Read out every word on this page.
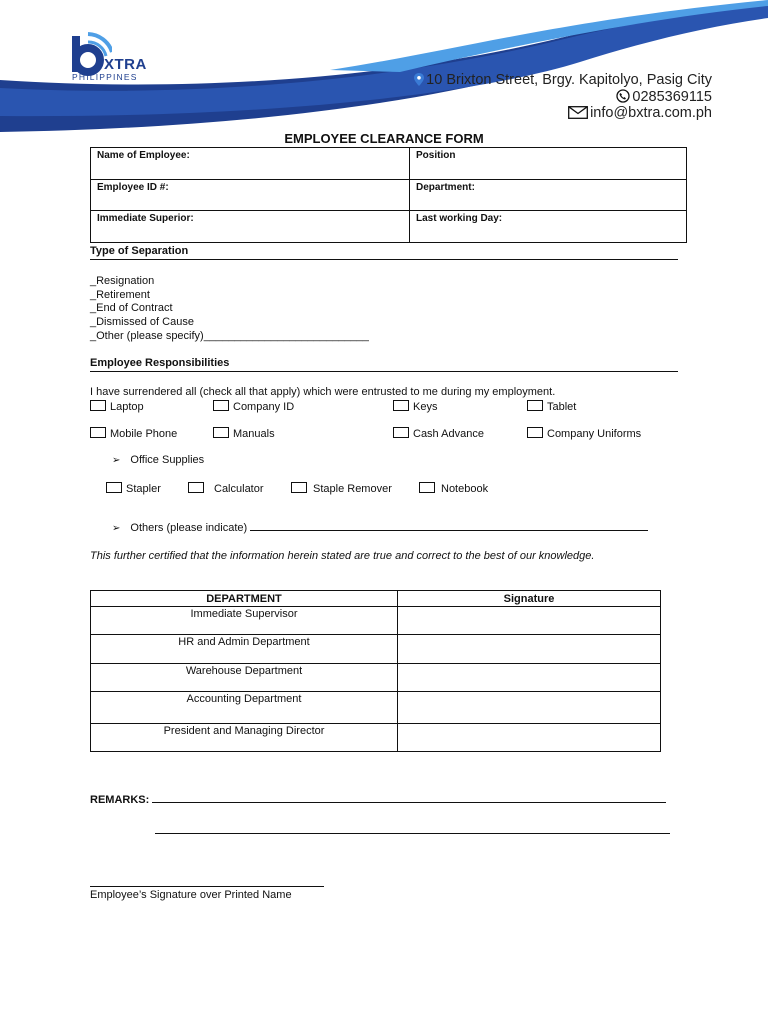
XTRA
PHILIPPINES	10 Brixton Street, Brgy. Kapitolyo, Pasig City
0285369115
info@bxtra.com.ph
EMPLOYEE CLEARANCE FORM
Name of Employee:	Position
Employee ID #:	Department:
Immediate Superior:	Last working Day:
Type of Separation
_Resignation
_Retirement
_End of Contract
_Dismissed of Cause
_Other (please specify)___________________________
Employee Responsibilities
I have surrendered all (check all that apply) which were entrusted to me during my employment.
Laptop	Company ID	Keys	Tablet
Mobile Phone	Manuals	Cash Advance	Company Uniforms
➢ Office Supplies
Stapler	Calculator	Staple Remover	Notebook
➢ Others (please indicate)
This further certified that the information herein stated are true and correct to the best of our knowledge.
DEPARTMENT	Signature
Immediate Supervisor	
HR and Admin Department	
Warehouse Department	
Accounting Department	
President and Managing Director	
REMARKS:
Employee’s Signature over Printed Name
